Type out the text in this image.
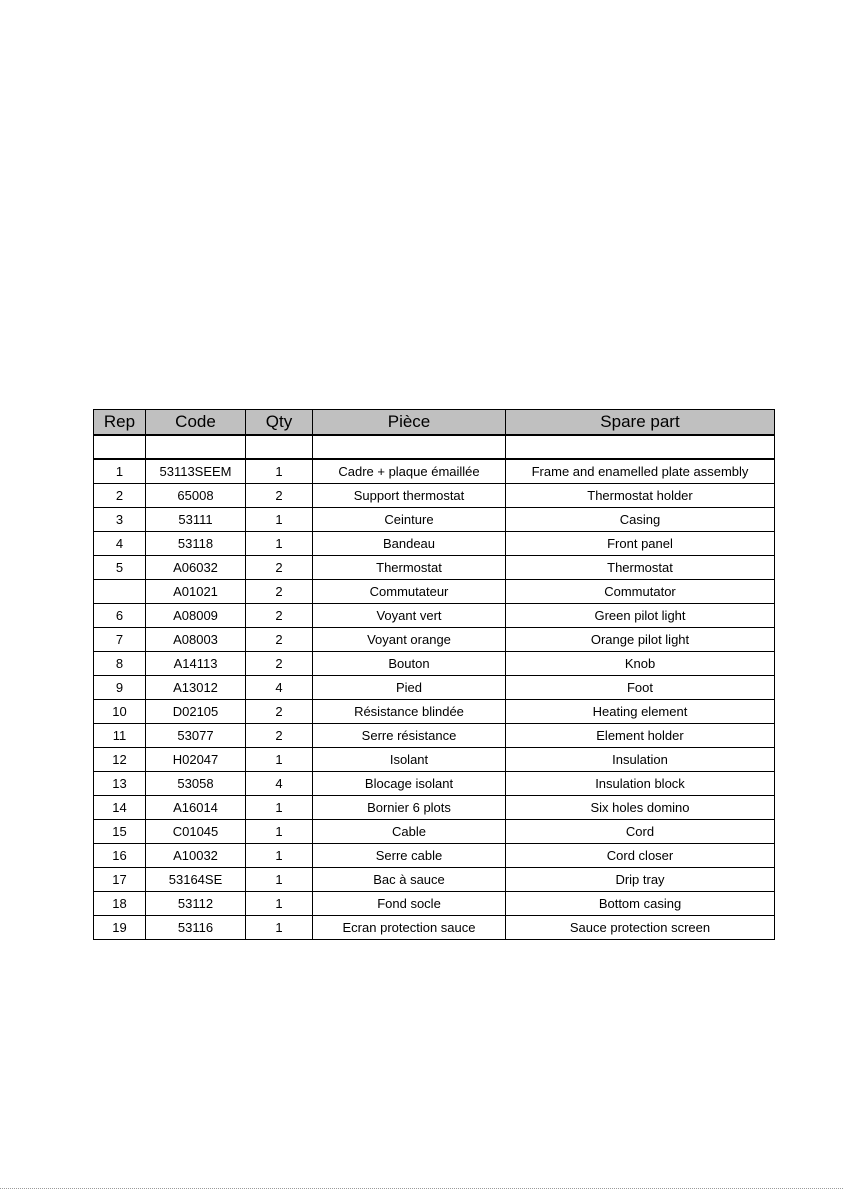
Rep	Code	Qty	Pièce	Spare part

1	53113SEEM	1	Cadre + plaque émaillée	Frame and enamelled plate assembly
2	65008	2	Support thermostat	Thermostat holder
3	53111	1	Ceinture	Casing
4	53118	1	Bandeau	Front panel
5	A06032	2	Thermostat	Thermostat
	A01021	2	Commutateur	Commutator
6	A08009	2	Voyant vert	Green pilot light
7	A08003	2	Voyant orange	Orange pilot light
8	A14113	2	Bouton	Knob
9	A13012	4	Pied	Foot
10	D02105	2	Résistance blindée	Heating element
11	53077	2	Serre résistance	Element holder
12	H02047	1	Isolant	Insulation
13	53058	4	Blocage isolant	Insulation block
14	A16014	1	Bornier 6 plots	Six holes domino
15	C01045	1	Cable	Cord
16	A10032	1	Serre cable	Cord closer
17	53164SE	1	Bac à sauce	Drip tray
18	53112	1	Fond socle	Bottom casing
19	53116	1	Ecran protection sauce	Sauce protection screen
